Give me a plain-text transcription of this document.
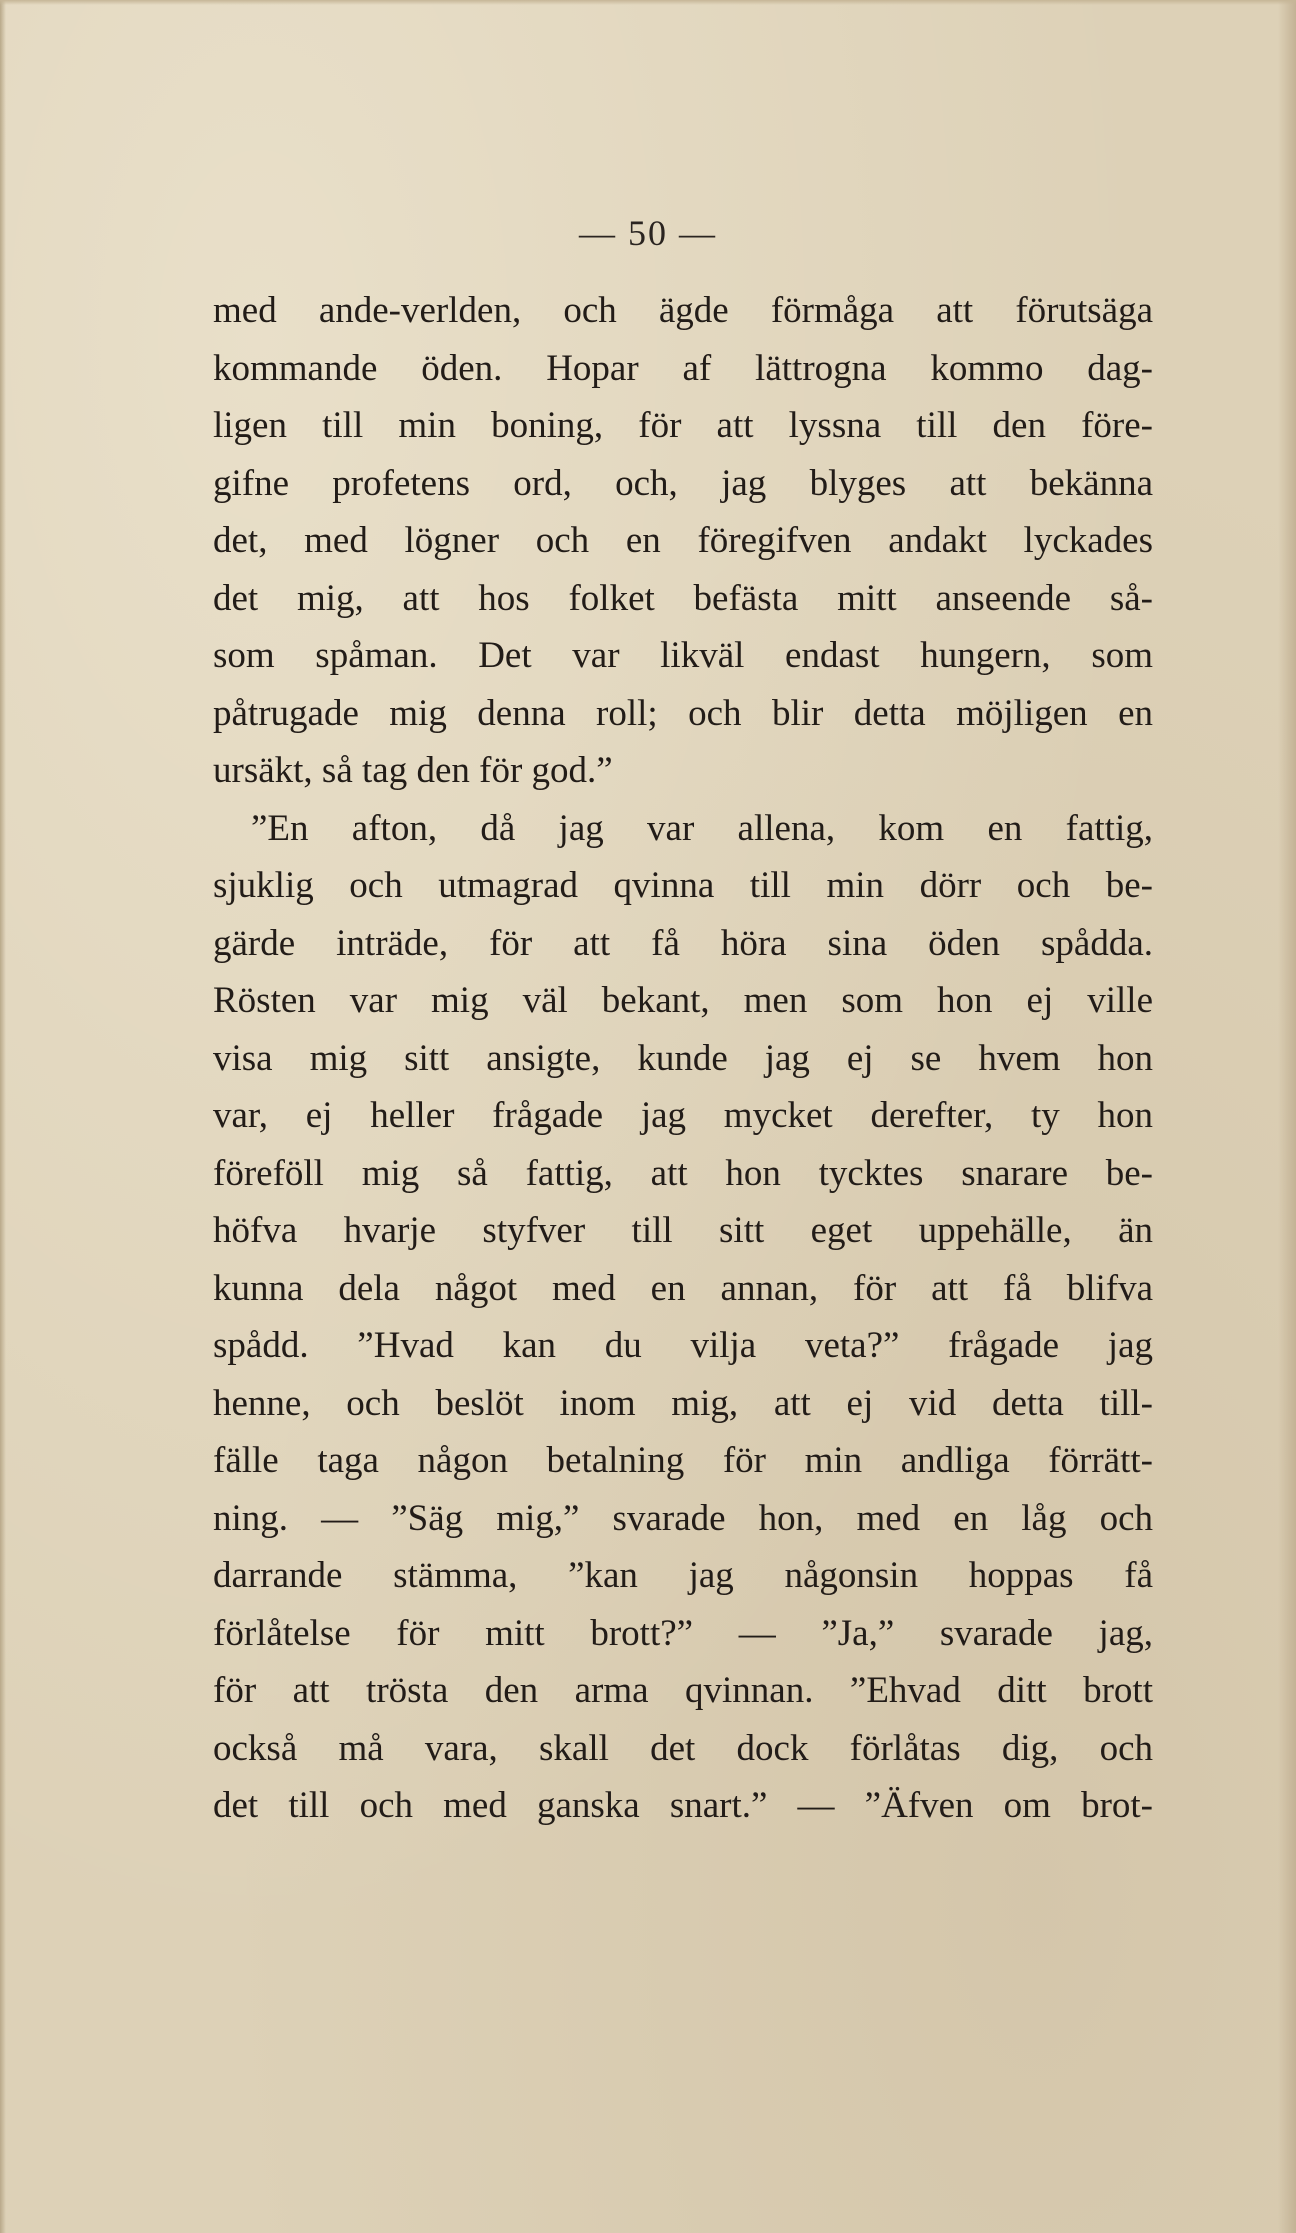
— 50 —
med ande-verlden, och ägde förmåga att förutsäga
kommande öden. Hopar af lättrogna kommo dag-
ligen till min boning, för att lyssna till den före-
gifne profetens ord, och, jag blyges att bekänna
det, med lögner och en föregifven andakt lyckades
det mig, att hos folket befästa mitt anseende så-
som spåman. Det var likväl endast hungern, som
påtrugade mig denna roll; och blir detta möjligen en
ursäkt, så tag den för god.”
”En afton, då jag var allena, kom en fattig,
sjuklig och utmagrad qvinna till min dörr och be-
gärde inträde, för att få höra sina öden spådda.
Rösten var mig väl bekant, men som hon ej ville
visa mig sitt ansigte, kunde jag ej se hvem hon
var, ej heller frågade jag mycket derefter, ty hon
föreföll mig så fattig, att hon tycktes snarare be-
höfva hvarje styfver till sitt eget uppehälle, än
kunna dela något med en annan, för att få blifva
spådd. ”Hvad kan du vilja veta?” frågade jag
henne, och beslöt inom mig, att ej vid detta till-
fälle taga någon betalning för min andliga förrätt-
ning. — ”Säg mig,” svarade hon, med en låg och
darrande stämma, ”kan jag någonsin hoppas få
förlåtelse för mitt brott?” — ”Ja,” svarade jag,
för att trösta den arma qvinnan. ”Ehvad ditt brott
också må vara, skall det dock förlåtas dig, och
det till och med ganska snart.” — ”Äfven om brot-
